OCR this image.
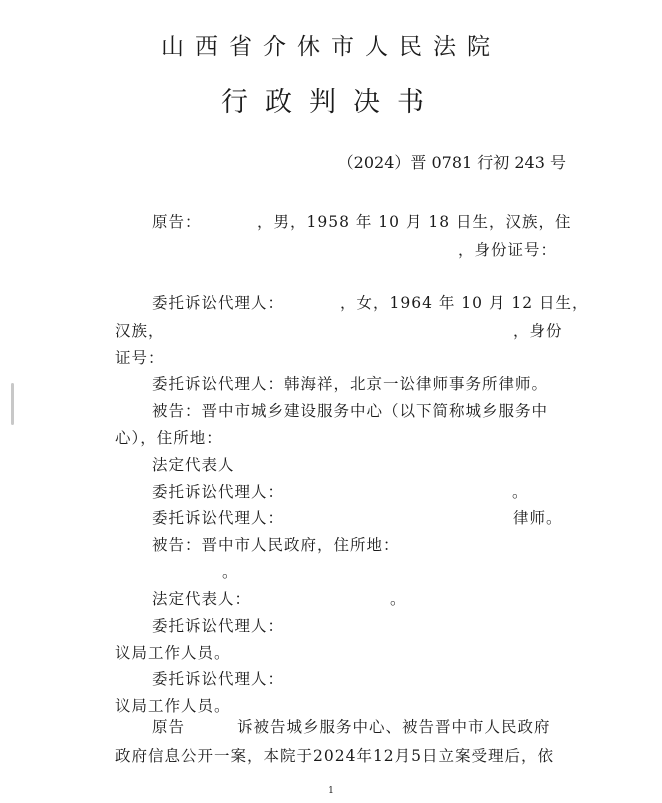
山西省介休市人民法院
行政判决书
（2024）晋 0781 行初 243 号
原告：	，男，1958 年 10 月 18 日生，汉族，住
，身份证号：
委托诉讼代理人：	，女，1964 年 10 月 12 日生，
汉族，	，身份
证号：
委托诉讼代理人：韩海祥，北京一讼律师事务所律师。
被告：晋中市城乡建设服务中心（以下简称城乡服务中
心），住所地：
法定代表人
委托诉讼代理人：	。
委托诉讼代理人：	律师。
被告：晋中市人民政府，住所地：
。
法定代表人：	。
委托诉讼代理人：
议局工作人员。
委托诉讼代理人：
议局工作人员。
原告	诉被告城乡服务中心、被告晋中市人民政府
政府信息公开一案，本院于2024年12月5日立案受理后，依
1
